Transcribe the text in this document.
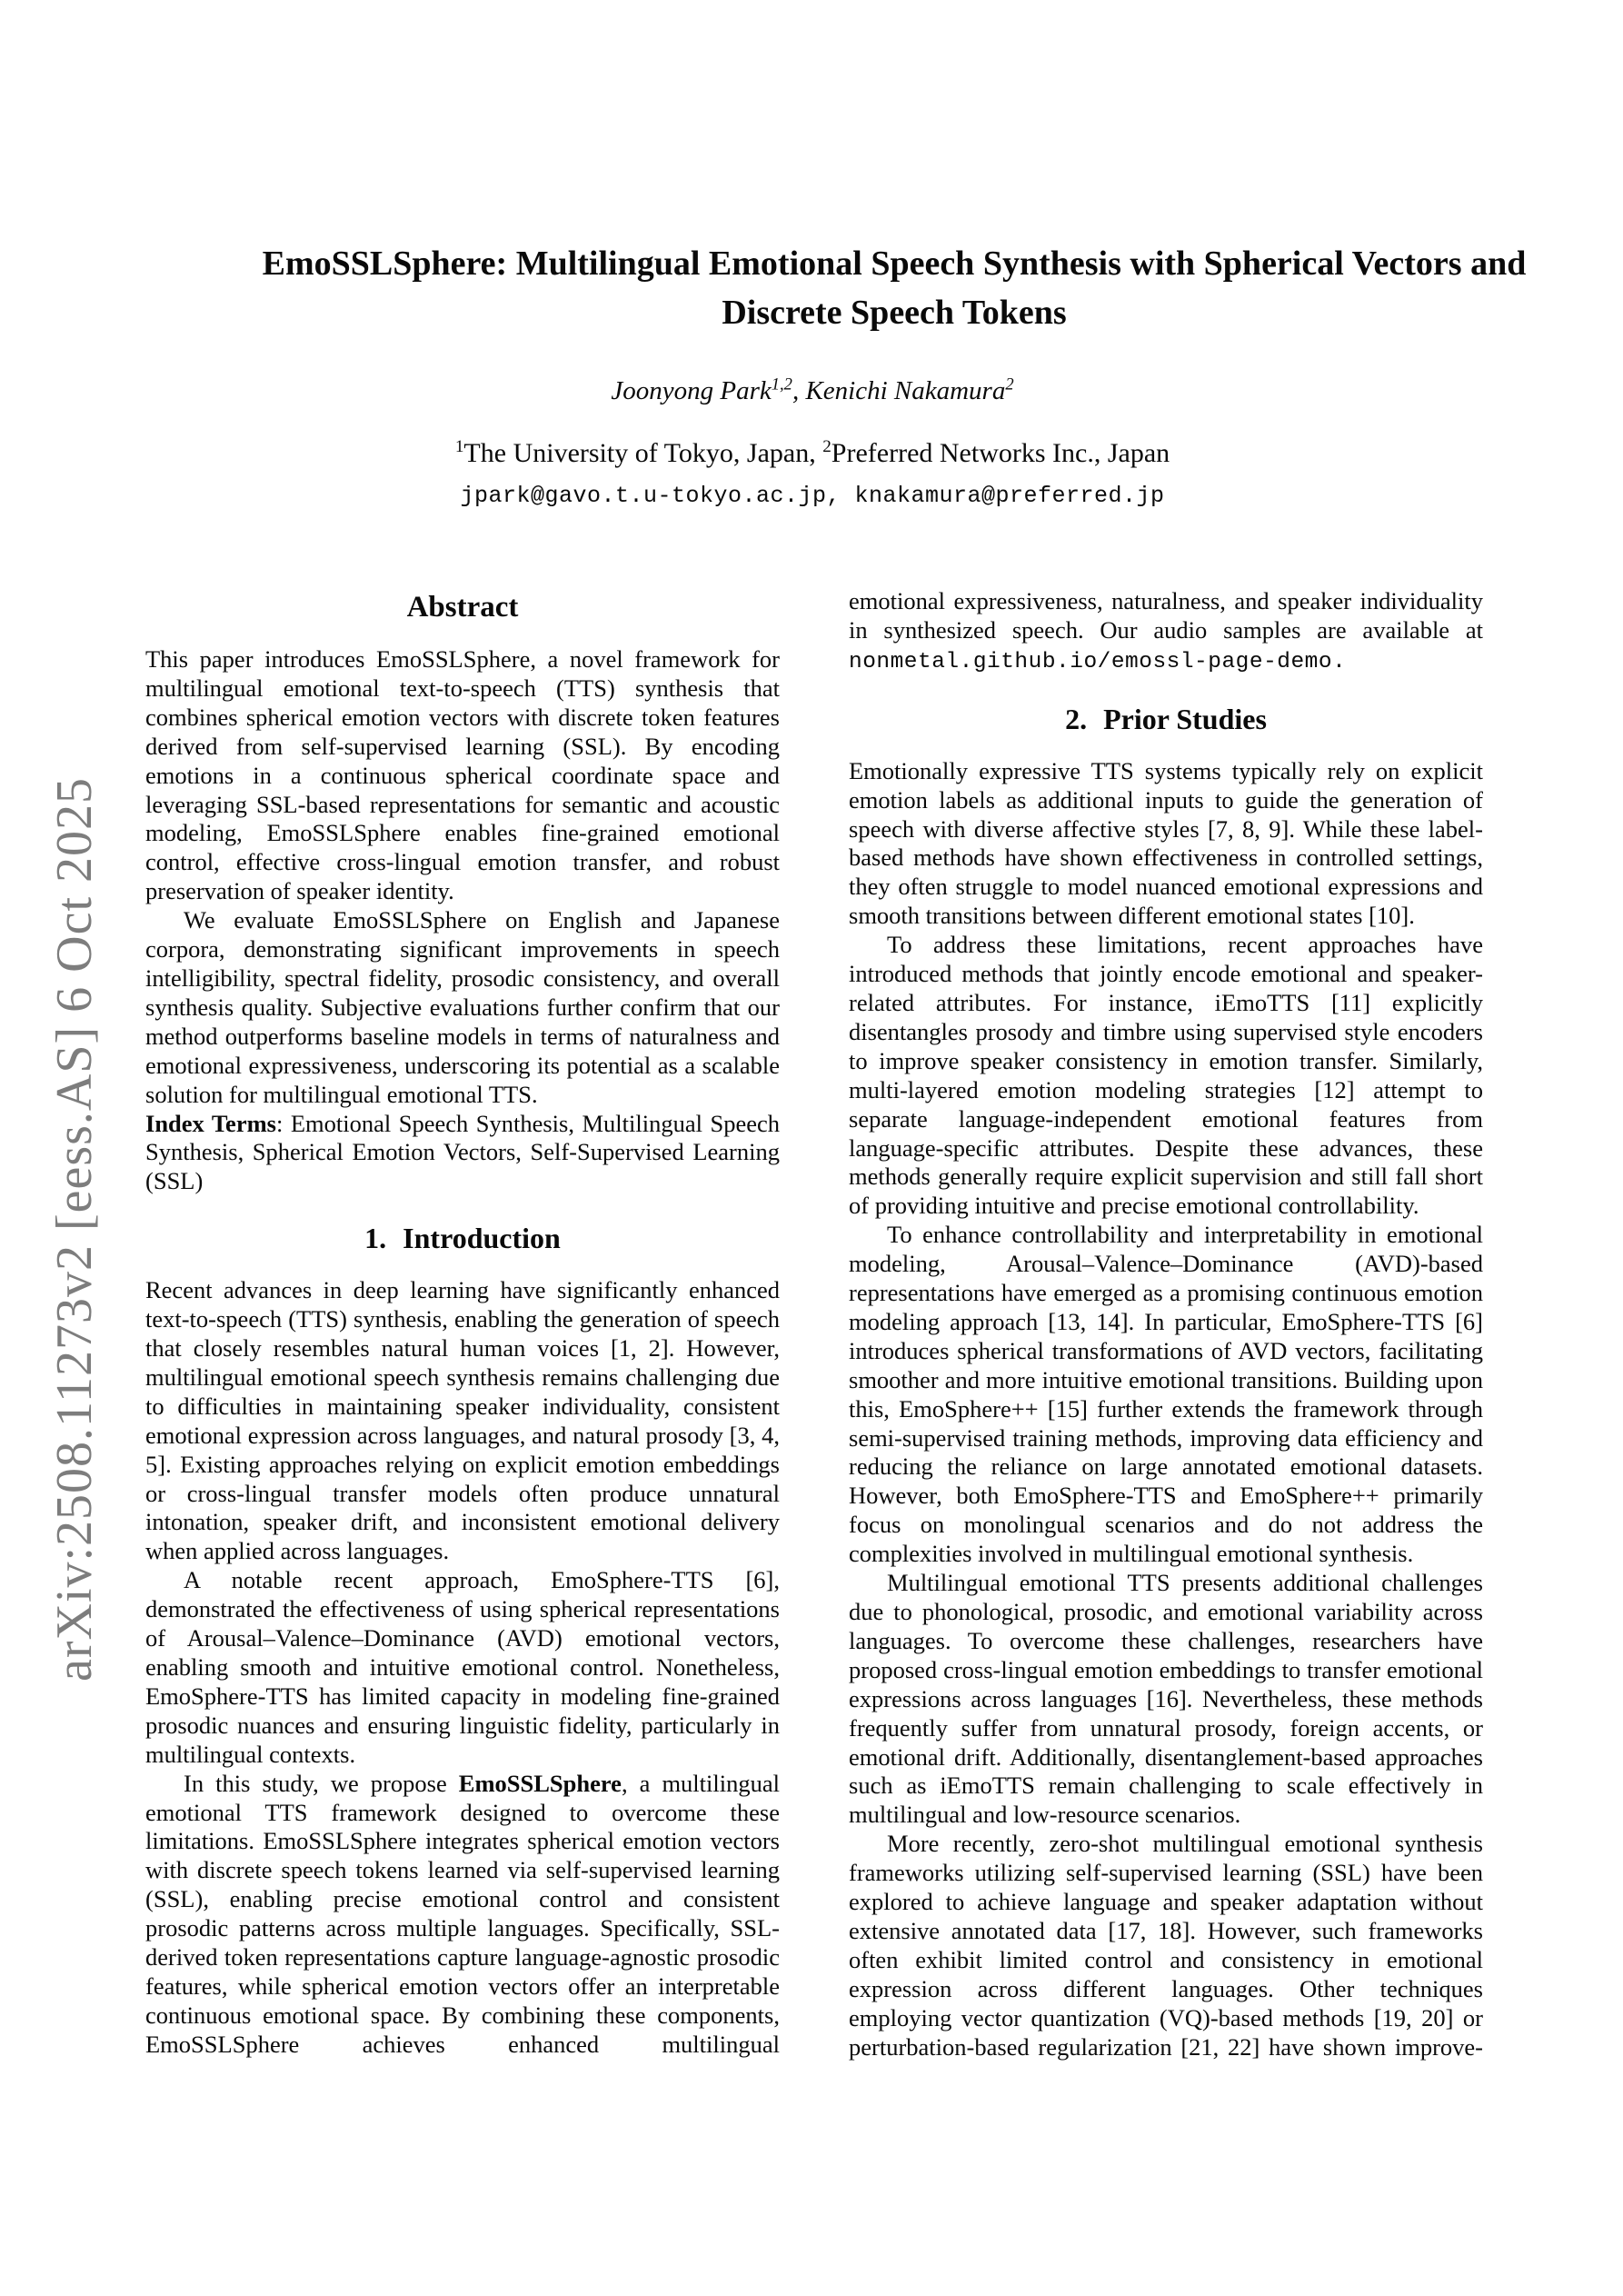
arXiv:2508.11273v2 [eess.AS] 6 Oct 2025
EmoSSLSphere: Multilingual Emotional Speech Synthesis with Spherical Vectors and Discrete Speech Tokens
Joonyong Park$^{1,2}$, Kenichi Nakamura$^2$
$^1$The University of Tokyo, Japan, $^2$Preferred Networks Inc., Japan
jpark@gavo.t.u-tokyo.ac.jp, knakamura@preferred.jp
Abstract

This paper introduces EmoSSLSphere, a novel framework for multilingual emotional text-to-speech (TTS) synthesis that combines spherical emotion vectors with discrete token features derived from self-supervised learning (SSL). By encoding emotions in a continuous spherical coordinate space and leveraging SSL-based representations for semantic and acoustic modeling, EmoSSLSphere enables fine-grained emotional control, effective cross-lingual emotion transfer, and robust preservation of speaker identity.

We evaluate EmoSSLSphere on English and Japanese corpora, demonstrating significant improvements in speech intelligibility, spectral fidelity, prosodic consistency, and overall synthesis quality. Subjective evaluations further confirm that our method outperforms baseline models in terms of naturalness and emotional expressiveness, underscoring its potential as a scalable solution for multilingual emotional TTS.

Index Terms: Emotional Speech Synthesis, Multilingual Speech Synthesis, Spherical Emotion Vectors, Self-Supervised Learning (SSL)

1. Introduction

Recent advances in deep learning have significantly enhanced text-to-speech (TTS) synthesis, enabling the generation of speech that closely resembles natural human voices [1, 2]. However, multilingual emotional speech synthesis remains challenging due to difficulties in maintaining speaker individuality, consistent emotional expression across languages, and natural prosody [3, 4, 5]. Existing approaches relying on explicit emotion embeddings or cross-lingual transfer models often produce unnatural intonation, speaker drift, and inconsistent emotional delivery when applied across languages.

A notable recent approach, EmoSphere-TTS [6], demonstrated the effectiveness of using spherical representations of Arousal–Valence–Dominance (AVD) emotional vectors, enabling smooth and intuitive emotional control. Nonetheless, EmoSphere-TTS has limited capacity in modeling fine-grained prosodic nuances and ensuring linguistic fidelity, particularly in multilingual contexts.

In this study, we propose EmoSSLSphere, a multilingual emotional TTS framework designed to overcome these limitations. EmoSSLSphere integrates spherical emotion vectors with discrete speech tokens learned via self-supervised learning (SSL), enabling precise emotional control and consistent prosodic patterns across multiple languages. Specifically, SSL-derived token representations capture language-agnostic prosodic features, while spherical emotion vectors offer an interpretable continuous emotional space. By combining these components, EmoSSLSphere achieves enhanced multilingual

emotional expressiveness, naturalness, and speaker individuality in synthesized speech. Our audio samples are available at nonmetal.github.io/emossl-page-demo.

2. Prior Studies

Emotionally expressive TTS systems typically rely on explicit emotion labels as additional inputs to guide the generation of speech with diverse affective styles [7, 8, 9]. While these label-based methods have shown effectiveness in controlled settings, they often struggle to model nuanced emotional expressions and smooth transitions between different emotional states [10].

To address these limitations, recent approaches have introduced methods that jointly encode emotional and speaker-related attributes. For instance, iEmoTTS [11] explicitly disentangles prosody and timbre using supervised style encoders to improve speaker consistency in emotion transfer. Similarly, multi-layered emotion modeling strategies [12] attempt to separate language-independent emotional features from language-specific attributes. Despite these advances, these methods generally require explicit supervision and still fall short of providing intuitive and precise emotional controllability.

To enhance controllability and interpretability in emotional modeling, Arousal–Valence–Dominance (AVD)-based representations have emerged as a promising continuous emotion modeling approach [13, 14]. In particular, EmoSphere-TTS [6] introduces spherical transformations of AVD vectors, facilitating smoother and more intuitive emotional transitions. Building upon this, EmoSphere++ [15] further extends the framework through semi-supervised training methods, improving data efficiency and reducing the reliance on large annotated emotional datasets. However, both EmoSphere-TTS and EmoSphere++ primarily focus on monolingual scenarios and do not address the complexities involved in multilingual emotional synthesis.

Multilingual emotional TTS presents additional challenges due to phonological, prosodic, and emotional variability across languages. To overcome these challenges, researchers have proposed cross-lingual emotion embeddings to transfer emotional expressions across languages [16]. Nevertheless, these methods frequently suffer from unnatural prosody, foreign accents, or emotional drift. Additionally, disentanglement-based approaches such as iEmoTTS remain challenging to scale effectively in multilingual and low-resource scenarios.

More recently, zero-shot multilingual emotional synthesis frameworks utilizing self-supervised learning (SSL) have been explored to achieve language and speaker adaptation without extensive annotated data [17, 18]. However, such frameworks often exhibit limited control and consistency in emotional expression across different languages. Other techniques employing vector quantization (VQ)-based methods [19, 20] or perturbation-based regularization [21, 22] have shown improve-
